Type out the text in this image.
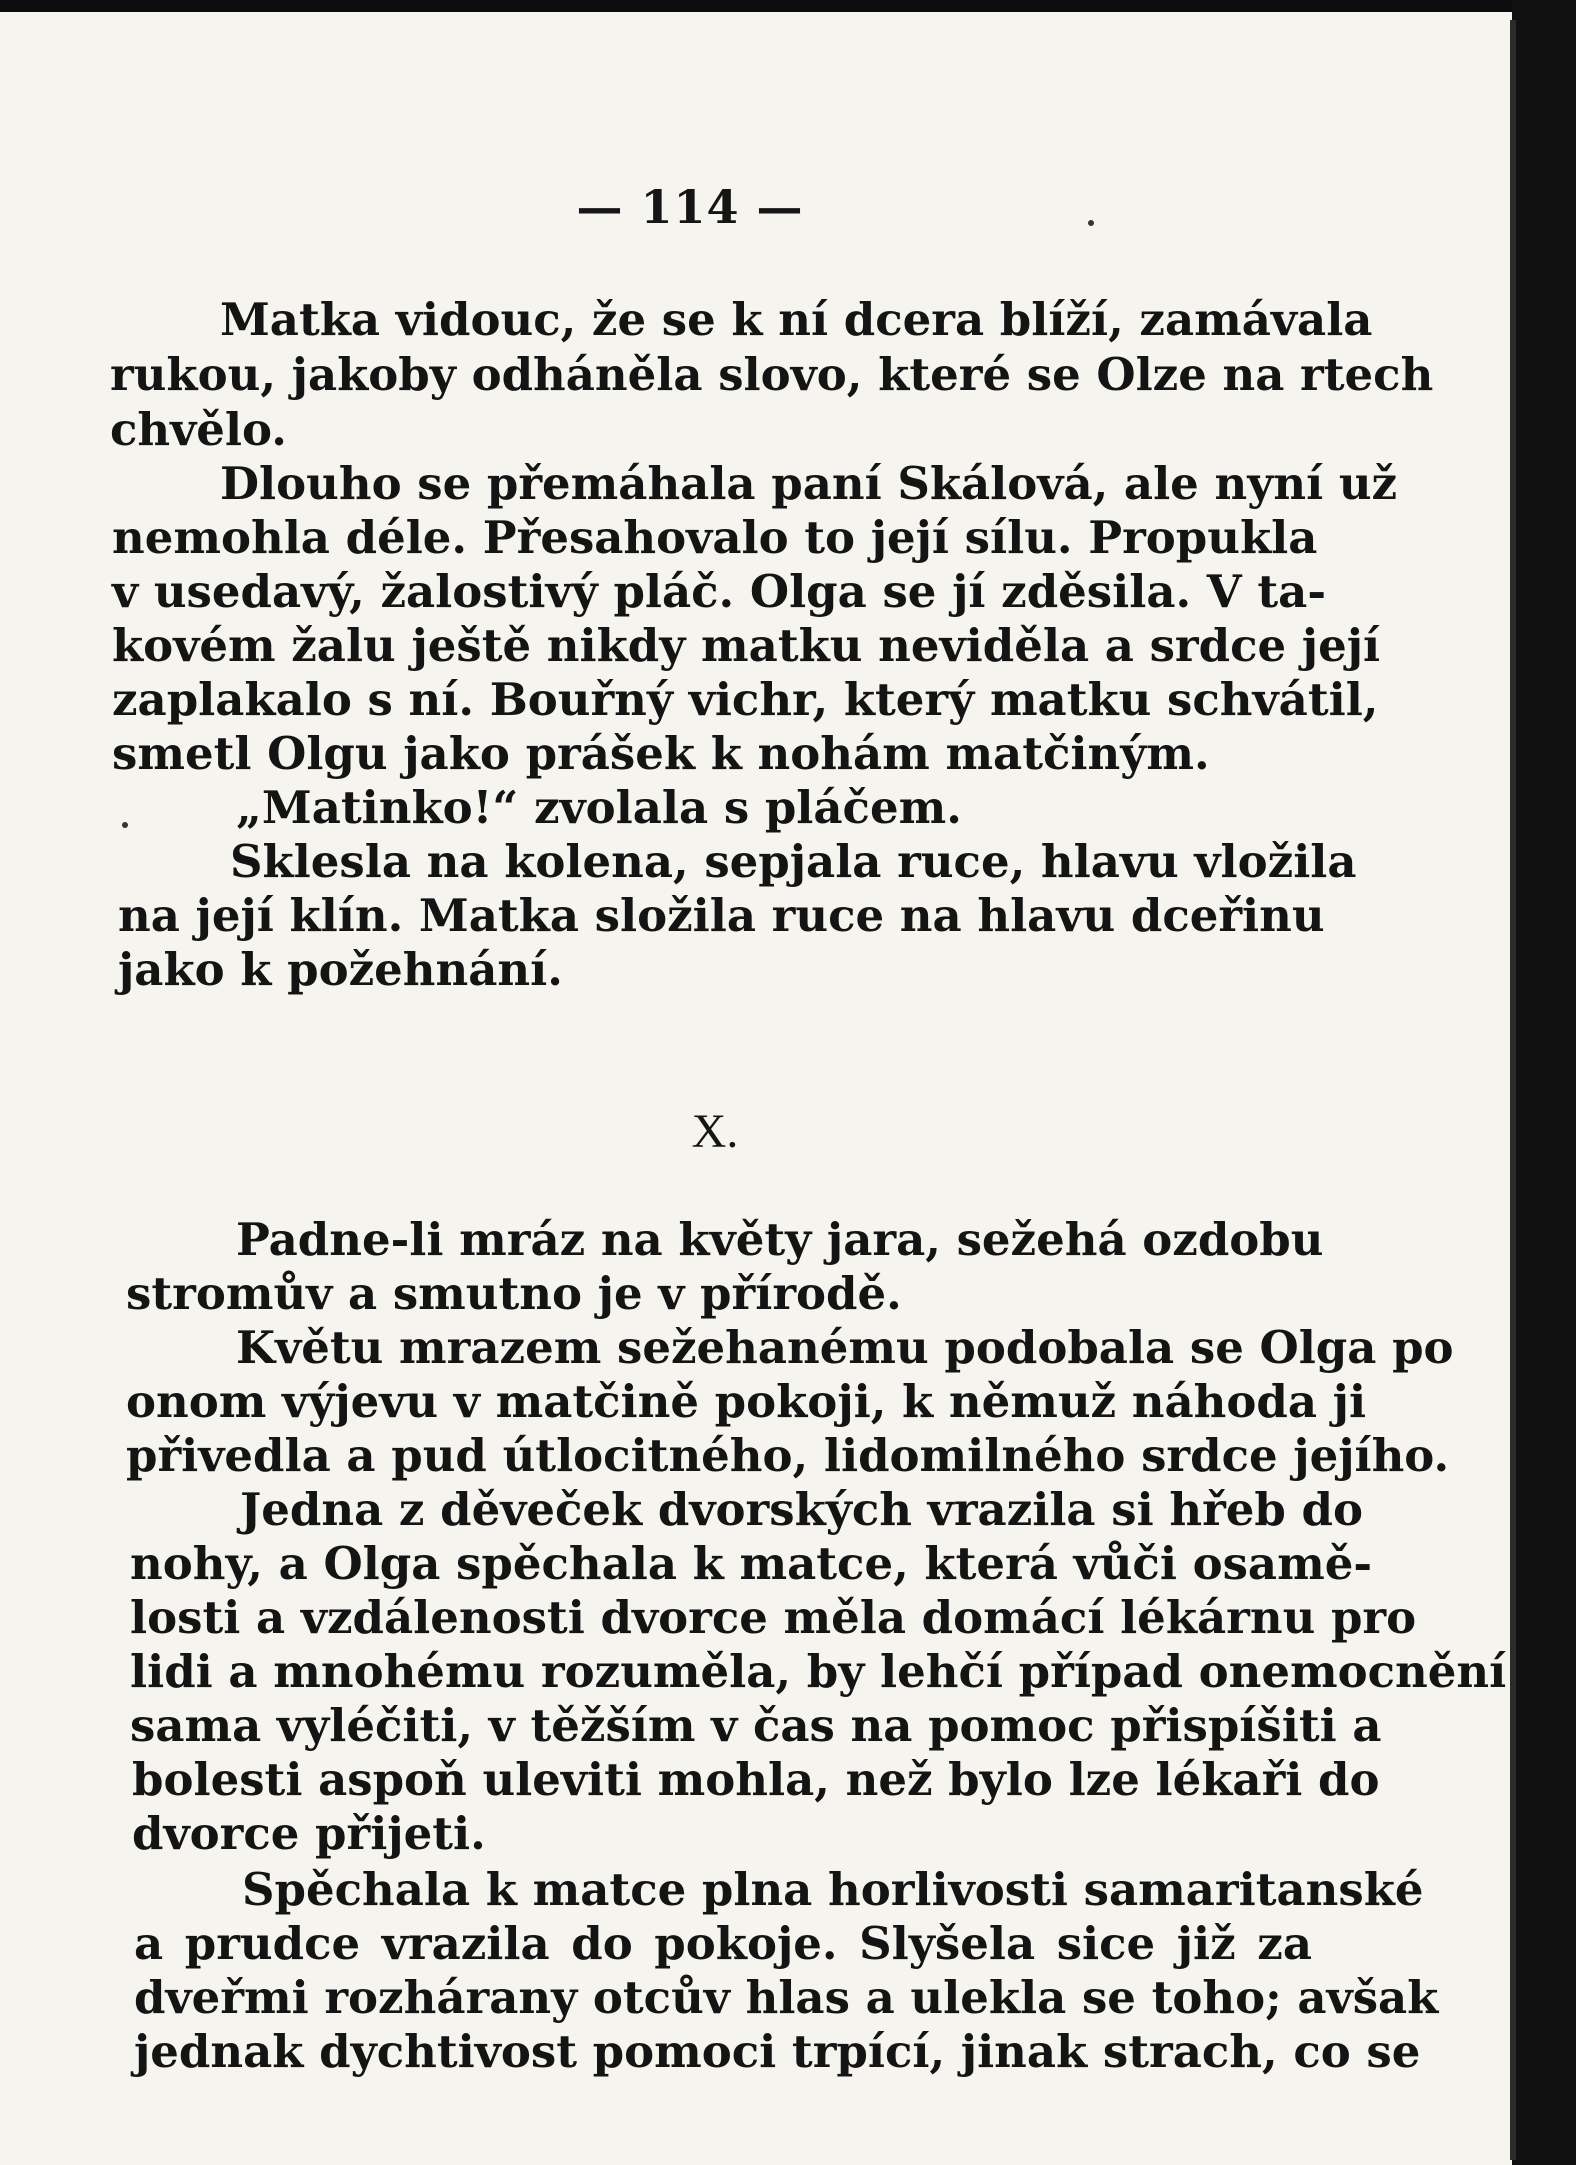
— 114 —

Matka vidouc, že se k ní dcera blíží, zamávala

rukou, jakoby odháněla slovo, které se Olze na rtech

chvělo.

Dlouho se přemáhala paní Skálová, ale nyní už

nemohla déle. Přesahovalo to její sílu. Propukla

v usedavý, žalostivý pláč. Olga se jí zděsila. V ta-

kovém žalu ještě nikdy matku neviděla a srdce její

zaplakalo s ní. Bouřný vichr, který matku schvátil,

smetl Olgu jako prášek k nohám matčiným.

„Matinko!“ zvolala s pláčem.

Sklesla na kolena, sepjala ruce, hlavu vložila

na její klín. Matka složila ruce na hlavu dceřinu

jako k požehnání.

X.

Padne-li mráz na květy jara, sežehá ozdobu

stromův a smutno je v přírodě.

Květu mrazem sežehanému podobala se Olga po

onom výjevu v matčině pokoji, k němuž náhoda ji

přivedla a pud útlocitného, lidomilného srdce jejího.

Jedna z děveček dvorských vrazila si hřeb do

nohy, a Olga spěchala k matce, která vůči osamě-

losti a vzdálenosti dvorce měla domácí lékárnu pro

lidi a mnohému rozuměla, by lehčí případ onemocnění

sama vyléčiti, v těžším v čas na pomoc přispíšiti a

bolesti aspoň uleviti mohla, než bylo lze lékaři do

dvorce přijeti.

Spěchala k matce plna horlivosti samaritanské

a prudce vrazila do pokoje. Slyšela sice již za

dveřmi rozhárany otcův hlas a ulekla se toho; avšak

jednak dychtivost pomoci trpící, jinak strach, co se
